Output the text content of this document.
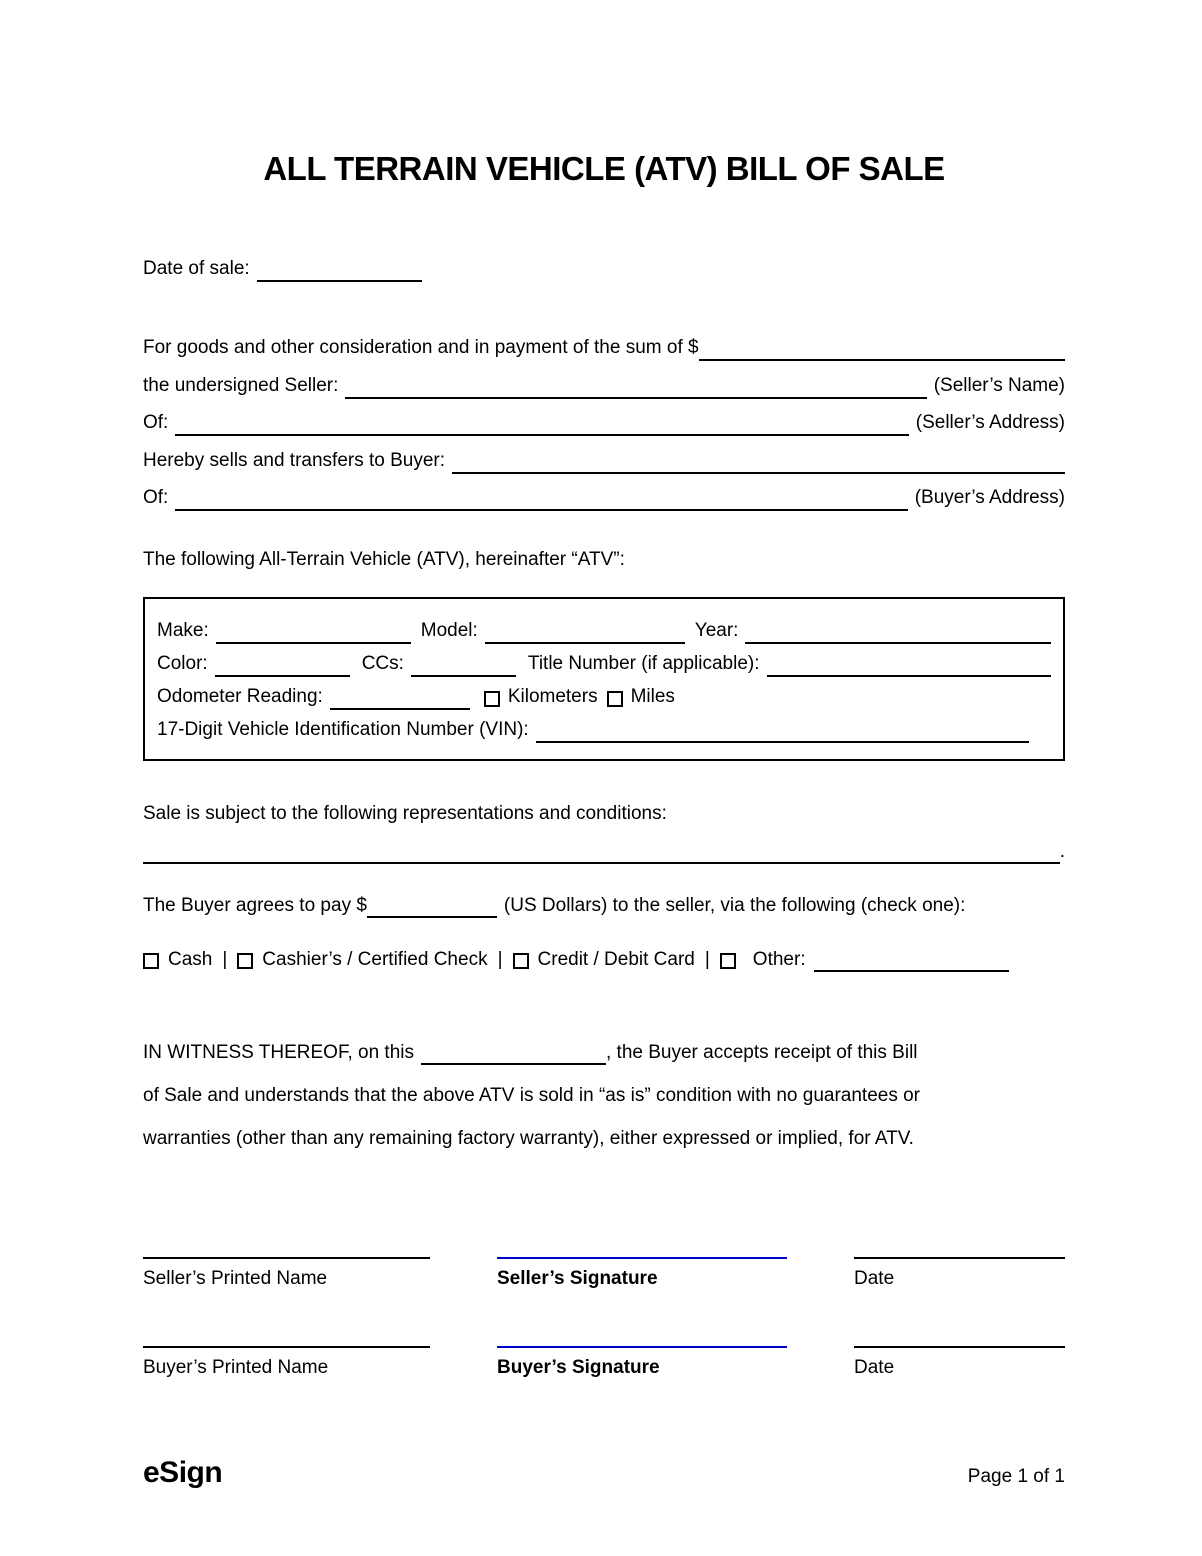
ALL TERRAIN VEHICLE (ATV) BILL OF SALE
Date of sale:
For goods and other consideration and in payment of the sum of $
the undersigned Seller:	(Seller’s Name)
Of:	(Seller’s Address)
Hereby sells and transfers to Buyer:
Of:	(Buyer’s Address)
The following All-Terrain Vehicle (ATV), hereinafter “ATV”:
Make:	Model:	Year:
Color:	CCs:	Title Number (if applicable):
Odometer Reading:	Kilometers Miles
17-Digit Vehicle Identification Number (VIN):
Sale is subject to the following representations and conditions:
.
The Buyer agrees to pay $	(US Dollars) to the seller, via the following (check one):
Cash | Cashier’s / Certified Check | Credit / Debit Card | Other:
IN WITNESS THEREOF, on this	, the Buyer accepts receipt of this Bill
of Sale and understands that the above ATV is sold in “as is” condition with no guarantees or
warranties (other than any remaining factory warranty), either expressed or implied, for ATV.
Seller’s Printed Name	Seller’s Signature	Date
Buyer’s Printed Name	Buyer’s Signature	Date
eSign	Page 1 of 1
